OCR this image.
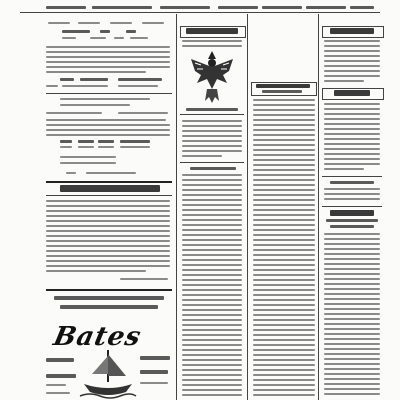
Bates
